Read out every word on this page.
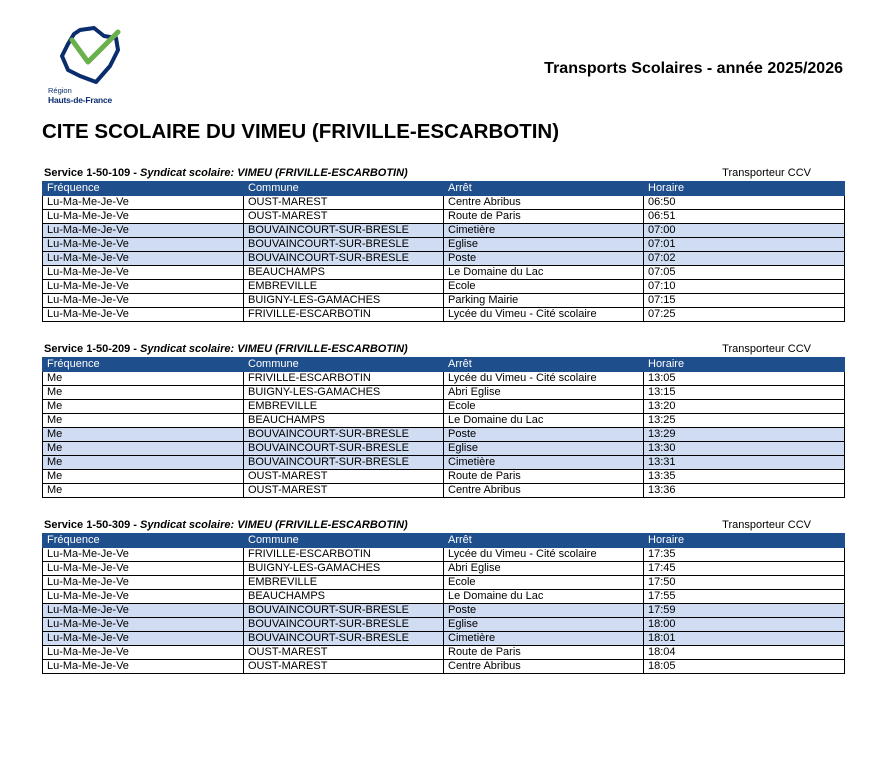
Région
Hauts-de-France
Transports Scolaires - année 2025/2026
CITE SCOLAIRE DU VIMEU (FRIVILLE-ESCARBOTIN)
Service 1-50-109 - Syndicat scolaire: VIMEU (FRIVILLE-ESCARBOTIN)	Transporteur CCV
Fréquence	Commune	Arrêt	Horaire
Lu-Ma-Me-Je-Ve	OUST-MAREST	Centre Abribus	06:50
Lu-Ma-Me-Je-Ve	OUST-MAREST	Route de Paris	06:51
Lu-Ma-Me-Je-Ve	BOUVAINCOURT-SUR-BRESLE	Cimetière	07:00
Lu-Ma-Me-Je-Ve	BOUVAINCOURT-SUR-BRESLE	Eglise	07:01
Lu-Ma-Me-Je-Ve	BOUVAINCOURT-SUR-BRESLE	Poste	07:02
Lu-Ma-Me-Je-Ve	BEAUCHAMPS	Le Domaine du Lac	07:05
Lu-Ma-Me-Je-Ve	EMBREVILLE	Ecole	07:10
Lu-Ma-Me-Je-Ve	BUIGNY-LES-GAMACHES	Parking Mairie	07:15
Lu-Ma-Me-Je-Ve	FRIVILLE-ESCARBOTIN	Lycée du Vimeu - Cité scolaire	07:25
Service 1-50-209 - Syndicat scolaire: VIMEU (FRIVILLE-ESCARBOTIN)	Transporteur CCV
Fréquence	Commune	Arrêt	Horaire
Me	FRIVILLE-ESCARBOTIN	Lycée du Vimeu - Cité scolaire	13:05
Me	BUIGNY-LES-GAMACHES	Abri Eglise	13:15
Me	EMBREVILLE	Ecole	13:20
Me	BEAUCHAMPS	Le Domaine du Lac	13:25
Me	BOUVAINCOURT-SUR-BRESLE	Poste	13:29
Me	BOUVAINCOURT-SUR-BRESLE	Eglise	13:30
Me	BOUVAINCOURT-SUR-BRESLE	Cimetière	13:31
Me	OUST-MAREST	Route de Paris	13:35
Me	OUST-MAREST	Centre Abribus	13:36
Service 1-50-309 - Syndicat scolaire: VIMEU (FRIVILLE-ESCARBOTIN)	Transporteur CCV
Fréquence	Commune	Arrêt	Horaire
Lu-Ma-Me-Je-Ve	FRIVILLE-ESCARBOTIN	Lycée du Vimeu - Cité scolaire	17:35
Lu-Ma-Me-Je-Ve	BUIGNY-LES-GAMACHES	Abri Eglise	17:45
Lu-Ma-Me-Je-Ve	EMBREVILLE	Ecole	17:50
Lu-Ma-Me-Je-Ve	BEAUCHAMPS	Le Domaine du Lac	17:55
Lu-Ma-Me-Je-Ve	BOUVAINCOURT-SUR-BRESLE	Poste	17:59
Lu-Ma-Me-Je-Ve	BOUVAINCOURT-SUR-BRESLE	Eglise	18:00
Lu-Ma-Me-Je-Ve	BOUVAINCOURT-SUR-BRESLE	Cimetière	18:01
Lu-Ma-Me-Je-Ve	OUST-MAREST	Route de Paris	18:04
Lu-Ma-Me-Je-Ve	OUST-MAREST	Centre Abribus	18:05
